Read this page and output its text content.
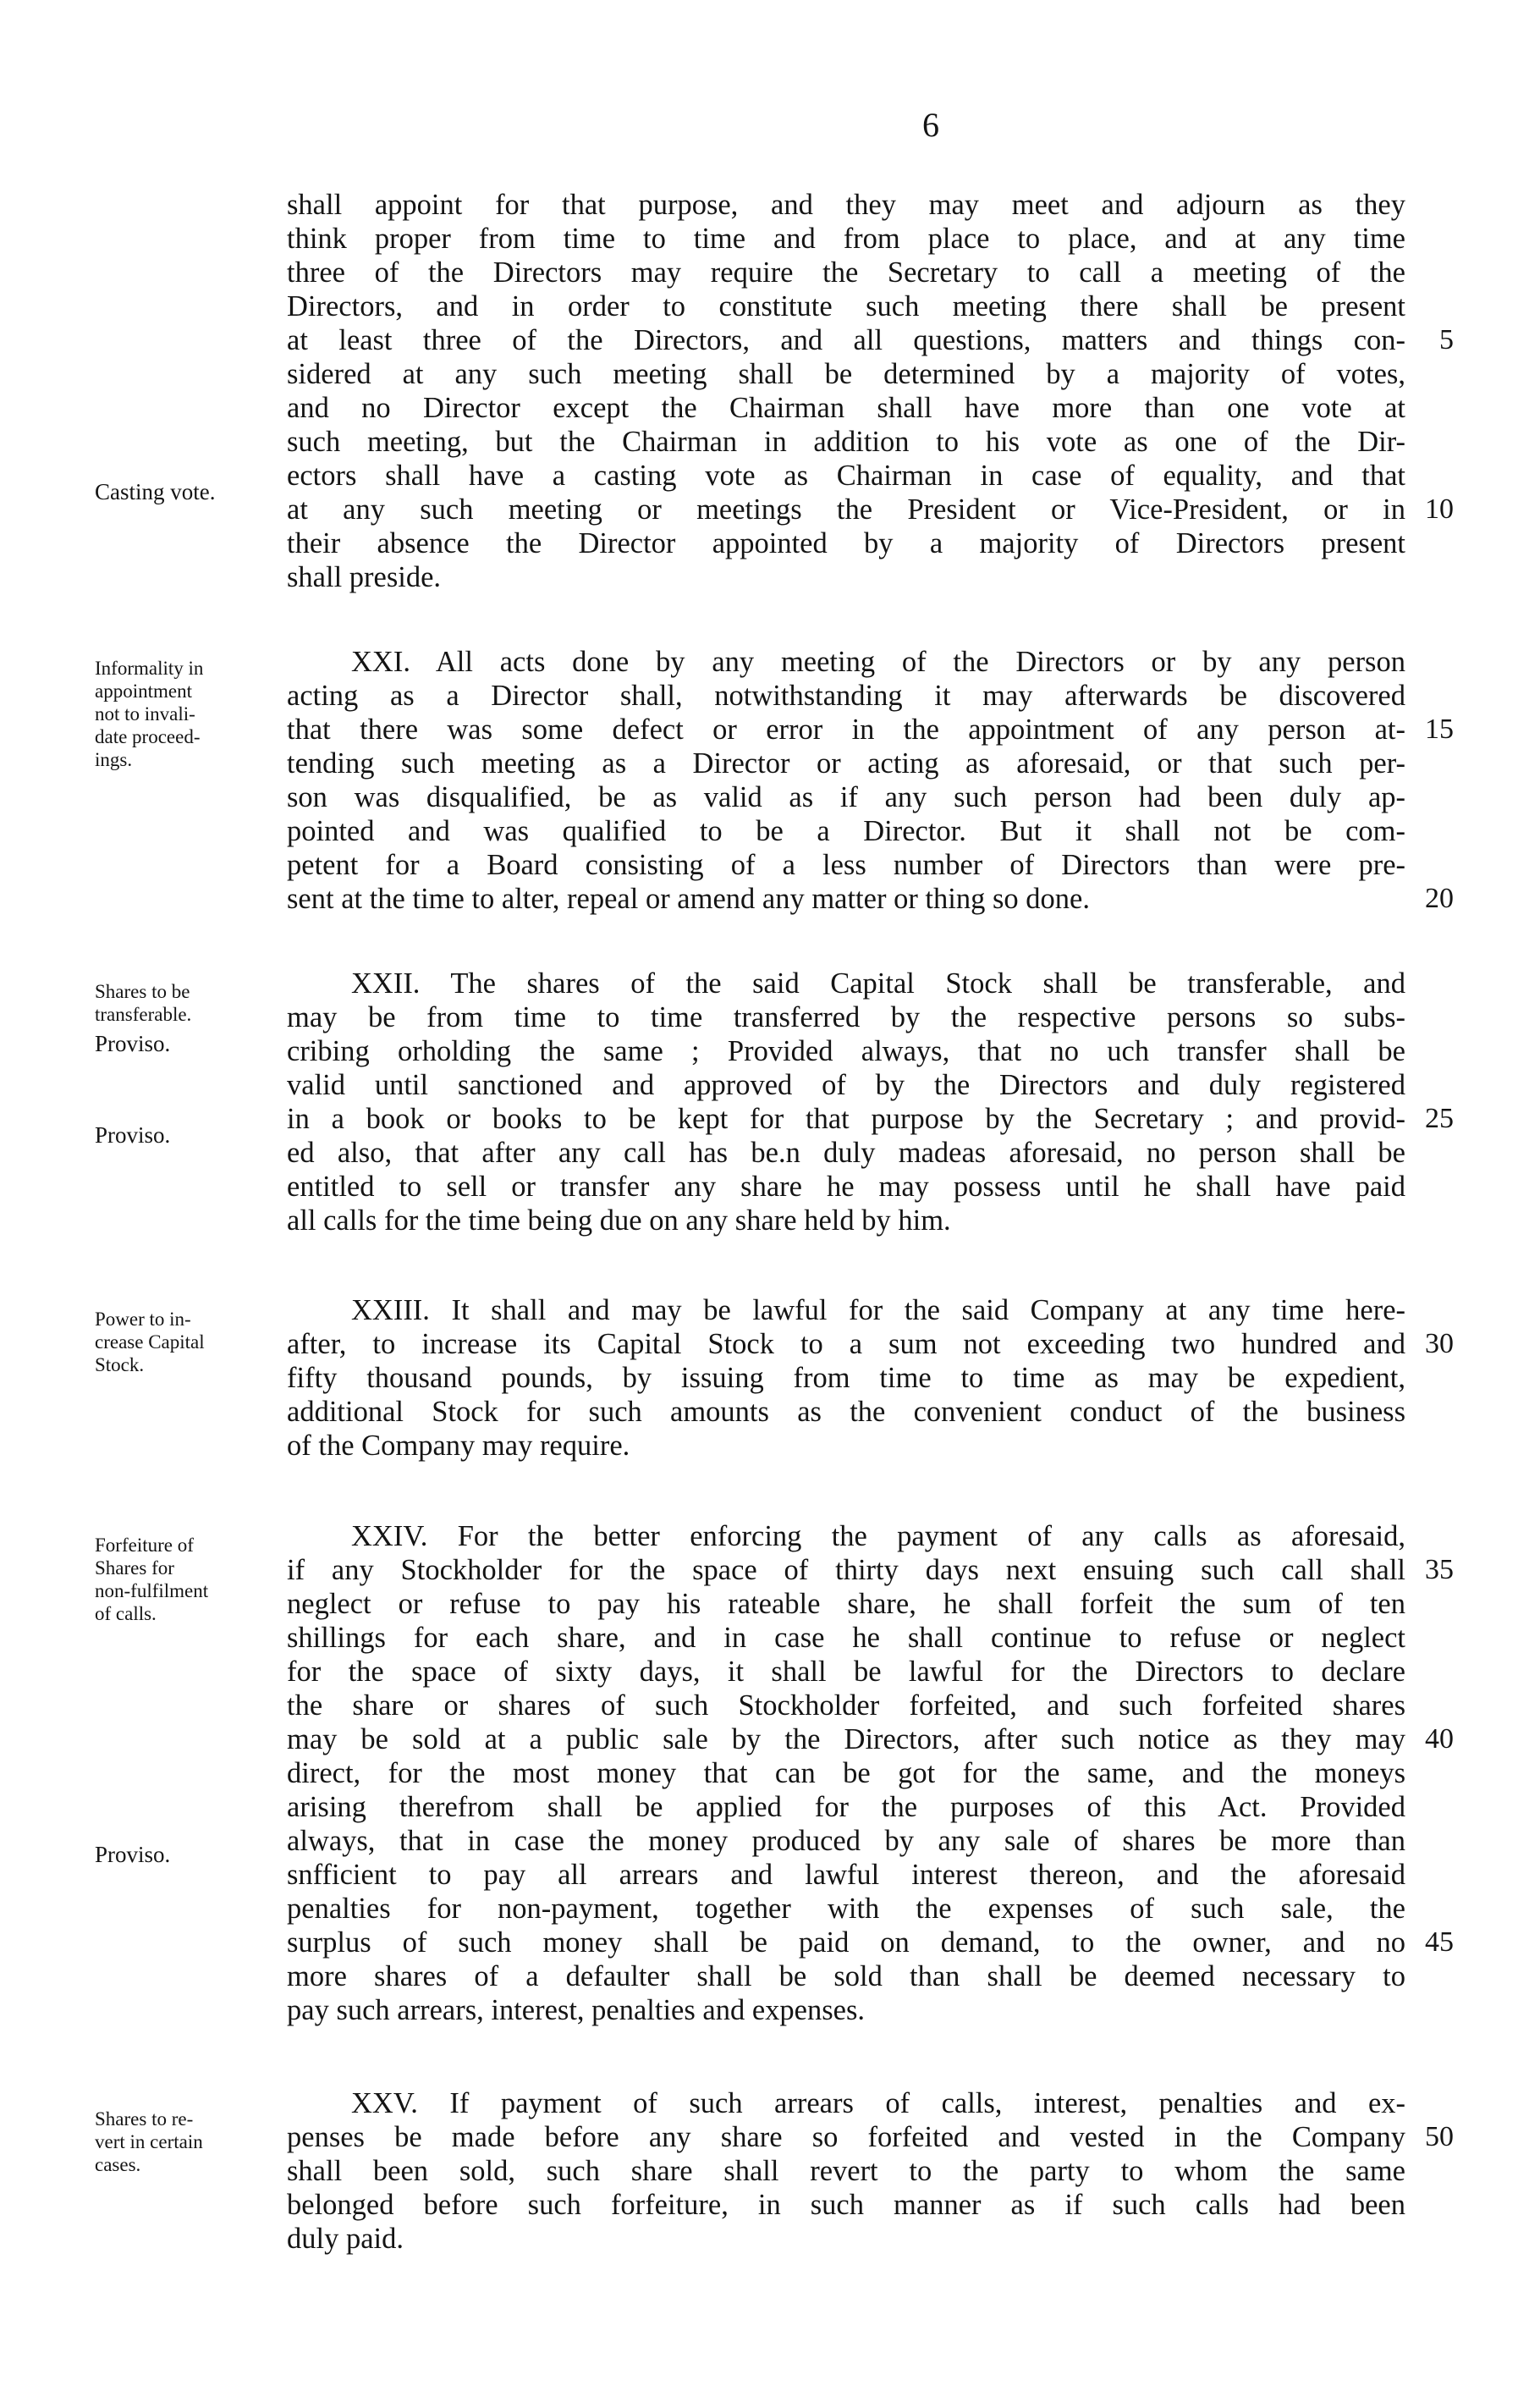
6
shall appoint for that purpose, and they may meet and adjourn as they
think proper from time to time and from place to place, and at any time
three of the Directors may require the Secretary to call a meeting of the
Directors, and in order to constitute such meeting there shall be present
at least three of the Directors, and all questions, matters and things con-
sidered at any such meeting shall be determined by a majority of votes,
and no Director except the Chairman shall have more than one vote at
such meeting, but the Chairman in addition to his vote as one of the Dir-
ectors shall have a casting vote as Chairman in case of equality, and that
at any such meeting or meetings the President or Vice-President, or in
their absence the Director appointed by a majority of Directors present
shall preside.
XXI. All acts done by any meeting of the Directors or by any person
acting as a Director shall, notwithstanding it may afterwards be discovered
that there was some defect or error in the appointment of any person at-
tending such meeting as a Director or acting as aforesaid, or that such per-
son was disqualified, be as valid as if any such person had been duly ap-
pointed and was qualified to be a Director. But it shall not be com-
petent for a Board consisting of a less number of Directors than were pre-
sent at the time to alter, repeal or amend any matter or thing so done.
XXII. The shares of the said Capital Stock shall be transferable, and
may be from time to time transferred by the respective persons so subs-
cribing orholding the same ; Provided always, that no uch transfer shall be
valid until sanctioned and approved of by the Directors and duly registered
in a book or books to be kept for that purpose by the Secretary ; and provid-
ed also, that after any call has be.n duly madeas aforesaid, no person shall be
entitled to sell or transfer any share he may possess until he shall have paid
all calls for the time being due on any share held by him.
XXIII. It shall and may be lawful for the said Company at any time here-
after, to increase its Capital Stock to a sum not exceeding two hundred and
fifty thousand pounds, by issuing from time to time as may be expedient,
additional Stock for such amounts as the convenient conduct of the business
of the Company may require.
XXIV. For the better enforcing the payment of any calls as aforesaid,
if any Stockholder for the space of thirty days next ensuing such call shall
neglect or refuse to pay his rateable share, he shall forfeit the sum of ten
shillings for each share, and in case he shall continue to refuse or neglect
for the space of sixty days, it shall be lawful for the Directors to declare
the share or shares of such Stockholder forfeited, and such forfeited shares
may be sold at a public sale by the Directors, after such notice as they may
direct, for the most money that can be got for the same, and the moneys
arising therefrom shall be applied for the purposes of this Act. Provided
always, that in case the money produced by any sale of shares be more than
snfficient to pay all arrears and lawful interest thereon, and the aforesaid
penalties for non-payment, together with the expenses of such sale, the
surplus of such money shall be paid on demand, to the owner, and no
more shares of a defaulter shall be sold than shall be deemed necessary to
pay such arrears, interest, penalties and expenses.
XXV. If payment of such arrears of calls, interest, penalties and ex-
penses be made before any share so forfeited and vested in the Company
shall been sold, such share shall revert to the party to whom the same
belonged before such forfeiture, in such manner as if such calls had been
duly paid.
5
10
15
20
25
30
35
40
45
50
Casting vote.
Informality in
appointment
not to invali-
date proceed-
ings.
Shares to be
transferable.
Proviso.
Proviso.
Power to in-
crease Capital
Stock.
Forfeiture of
Shares for
non-fulfilment
of calls.
Proviso.
Shares to re-
vert in certain
cases.
